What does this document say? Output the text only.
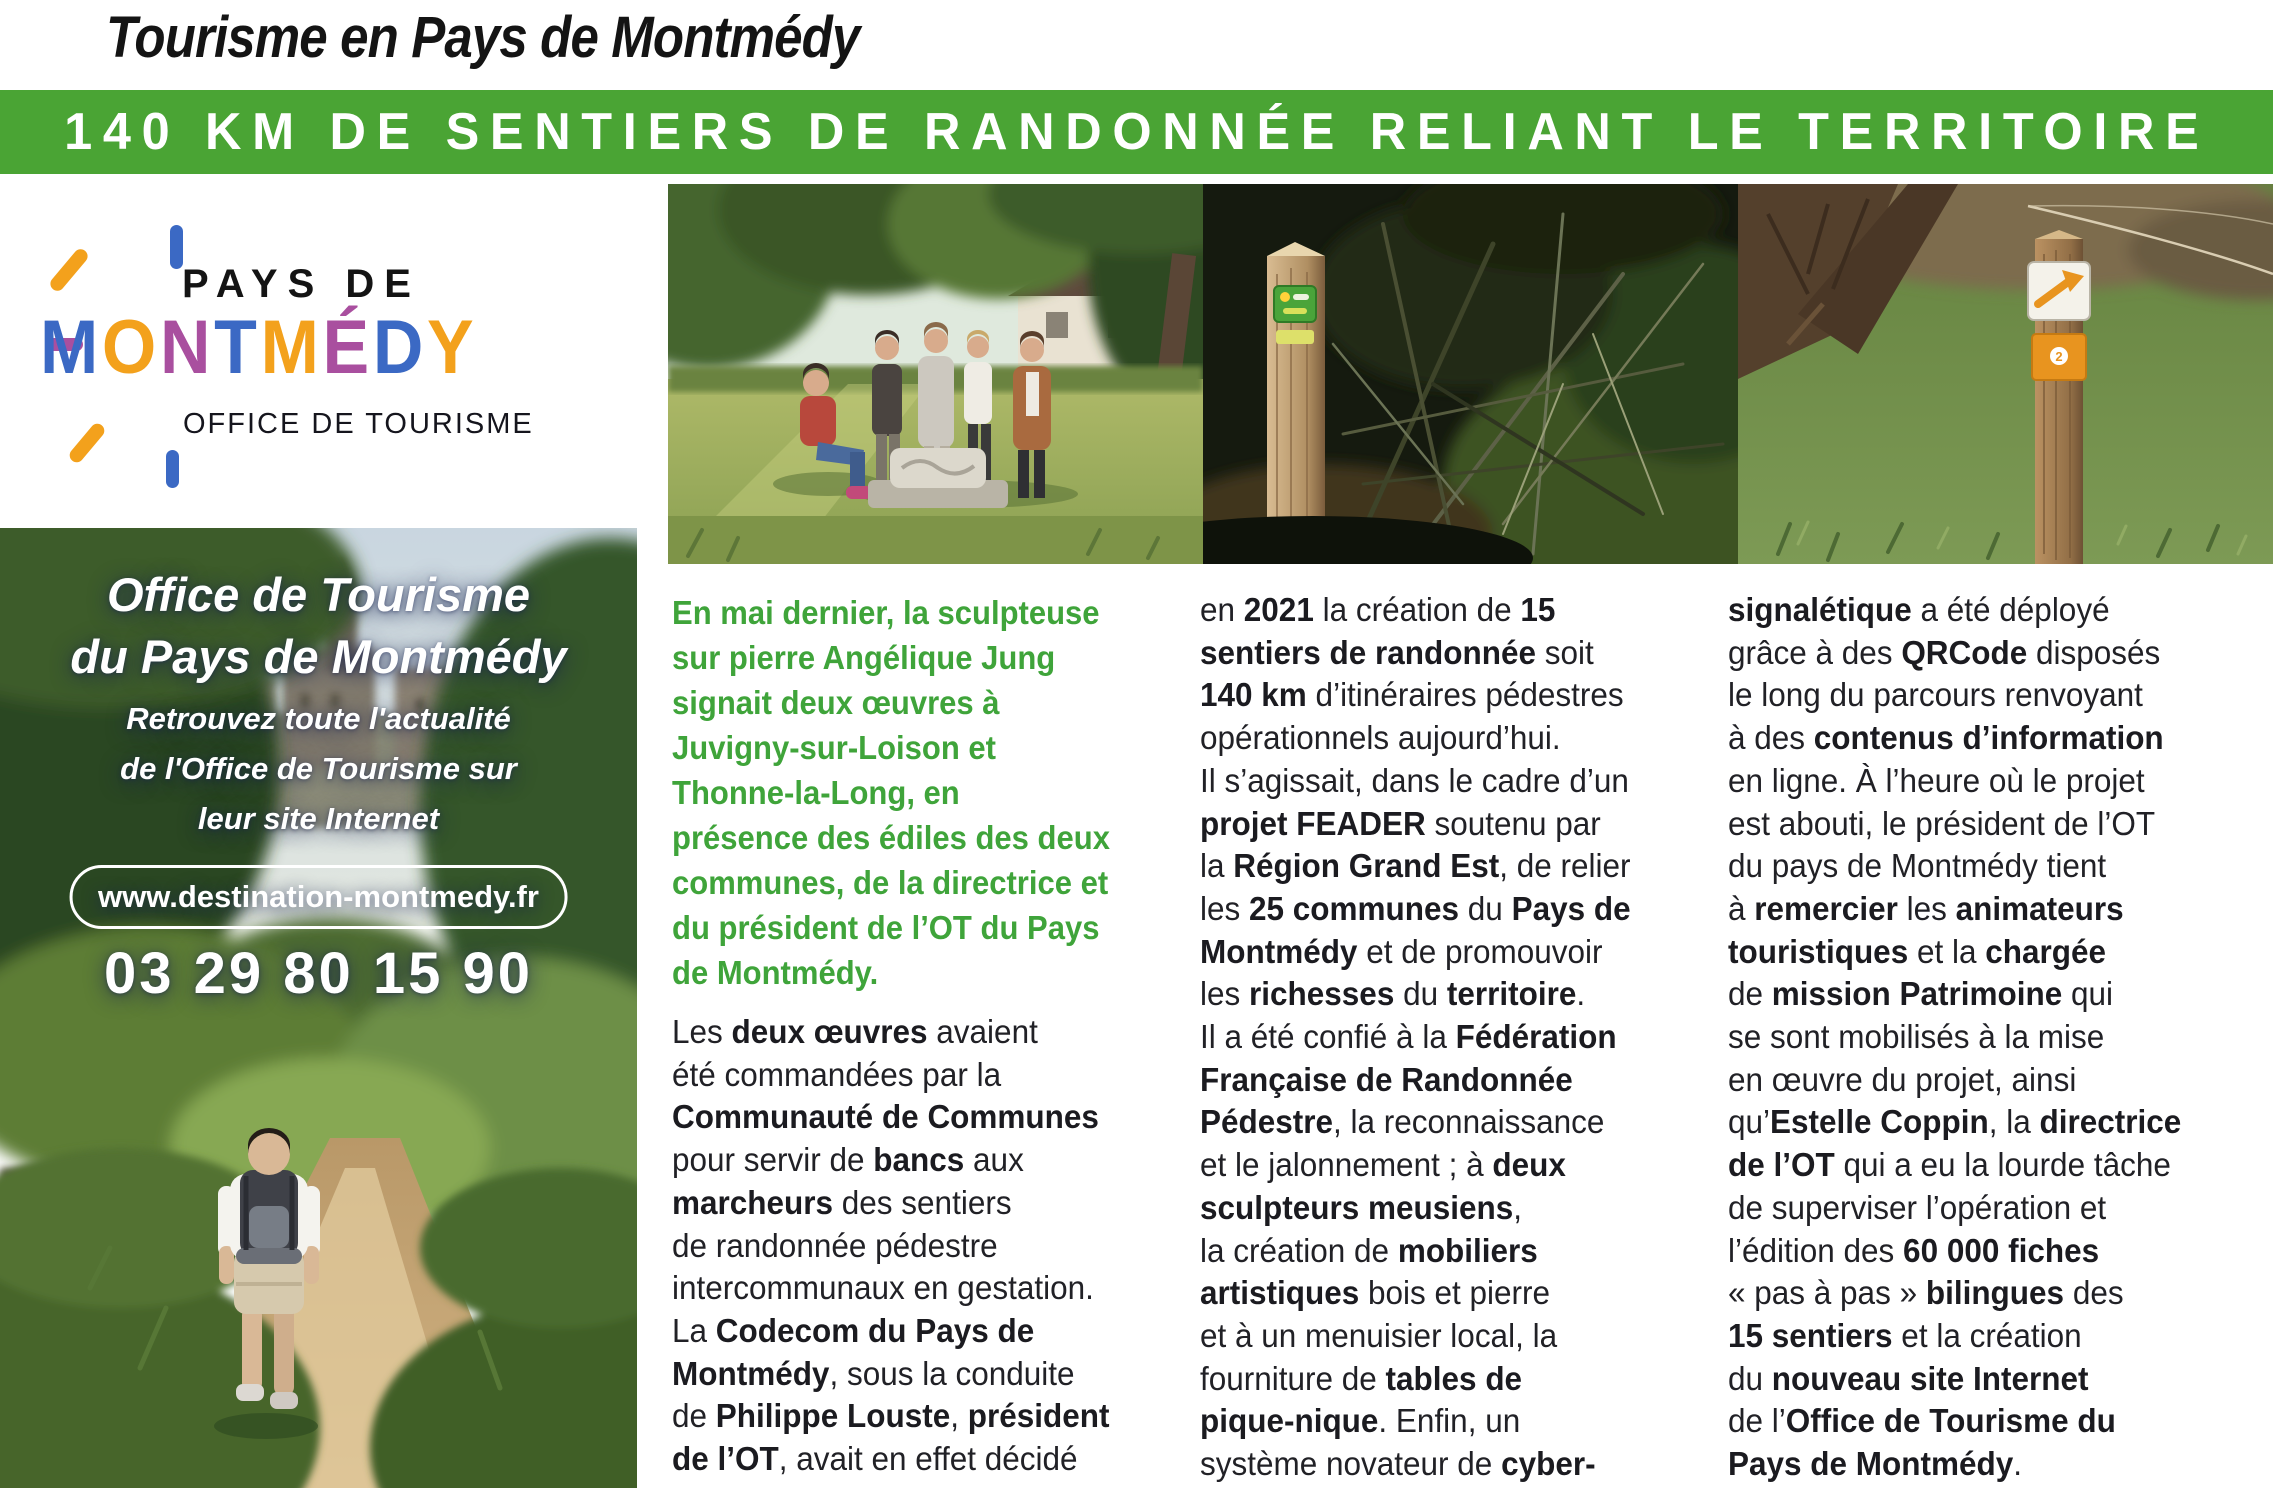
Tourisme en Pays de Montmédy
140 KM DE SENTIERS DE RANDONNÉE RELIANT LE TERRITOIRE
PAYS DE
MONTMÉDY
OFFICE DE TOURISME
2
Office de Tourisme
du Pays de Montmédy
Retrouvez toute l'actualité
de l'Office de Tourisme sur
leur site Internet
www.destination-montmedy.fr
03 29 80 15 90
En mai dernier, la sculpteuse
sur pierre Angélique Jung
signait deux œuvres à
Juvigny-sur-Loison et
Thonne-la-Long, en
présence des édiles des deux
communes, de la directrice et
du président de l’OT du Pays
de Montmédy.
Les deux œuvres avaient
été commandées par la
Communauté de Communes
pour servir de bancs aux
marcheurs des sentiers
de randonnée pédestre
intercommunaux en gestation.
La Codecom du Pays de
Montmédy, sous la conduite
de Philippe Louste, président
de l’OT, avait en effet décidé
en 2021 la création de 15
sentiers de randonnée soit
140 km d’itinéraires pédestres
opérationnels aujourd’hui.
Il s’agissait, dans le cadre d’un
projet FEADER soutenu par
la Région Grand Est, de relier
les 25 communes du Pays de
Montmédy et de promouvoir
les richesses du territoire.
Il a été confié à la Fédération
Française de Randonnée
Pédestre, la reconnaissance
et le jalonnement ; à deux
sculpteurs meusiens,
la création de mobiliers
artistiques bois et pierre
et à un menuisier local, la
fourniture de tables de
pique-nique. Enfin, un
système novateur de cyber-
signalétique a été déployé
grâce à des QRCode disposés
le long du parcours renvoyant
à des contenus d’information
en ligne. À l’heure où le projet
est abouti, le président de l’OT
du pays de Montmédy tient
à remercier les animateurs
touristiques et la chargée
de mission Patrimoine qui
se sont mobilisés à la mise
en œuvre du projet, ainsi
qu’Estelle Coppin, la directrice
de l’OT qui a eu la lourde tâche
de superviser l’opération et
l’édition des 60 000 fiches
« pas à pas » bilingues des
15 sentiers et la création
du nouveau site Internet
de l’Office de Tourisme du
Pays de Montmédy.
